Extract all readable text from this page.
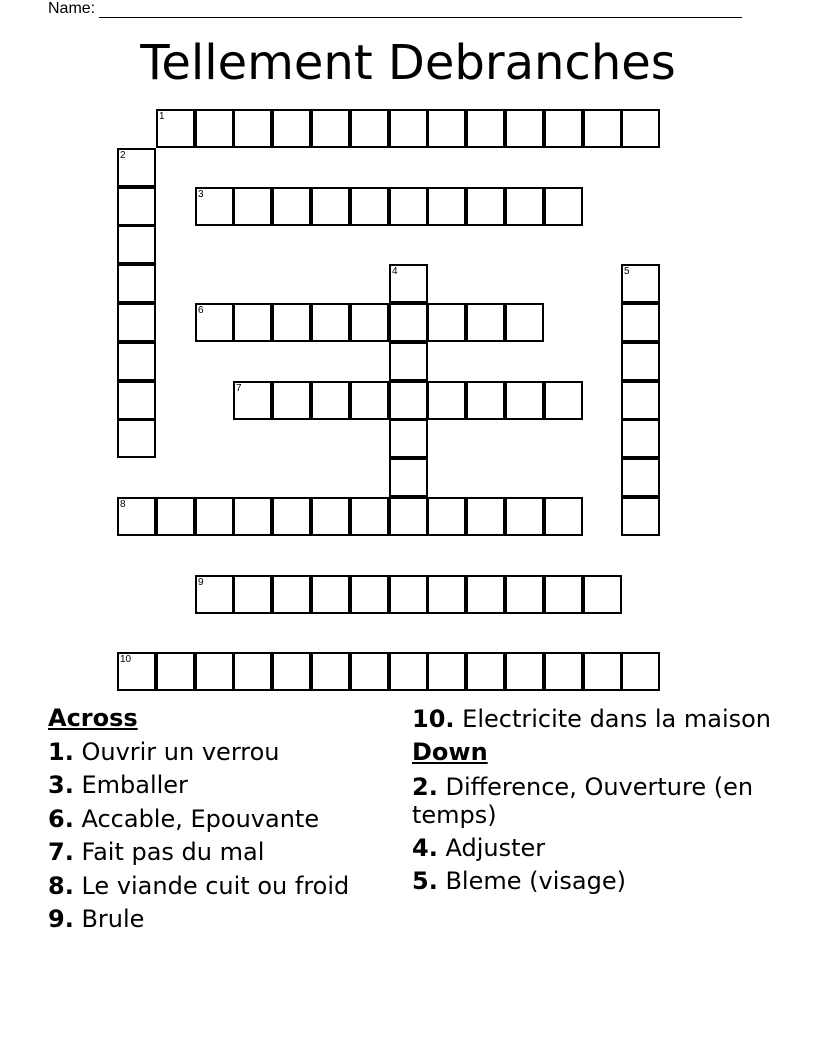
Name:
Tellement Debranches
1
2
3
4	5
6
7
8
9
10
Across
1. Ouvrir un verrou
3. Emballer
6. Accable, Epouvante
7. Fait pas du mal
8. Le viande cuit ou froid
9. Brule
10. Electricite dans la maison
Down
2. Difference, Ouverture (en temps)
4. Adjuster
5. Bleme (visage)
